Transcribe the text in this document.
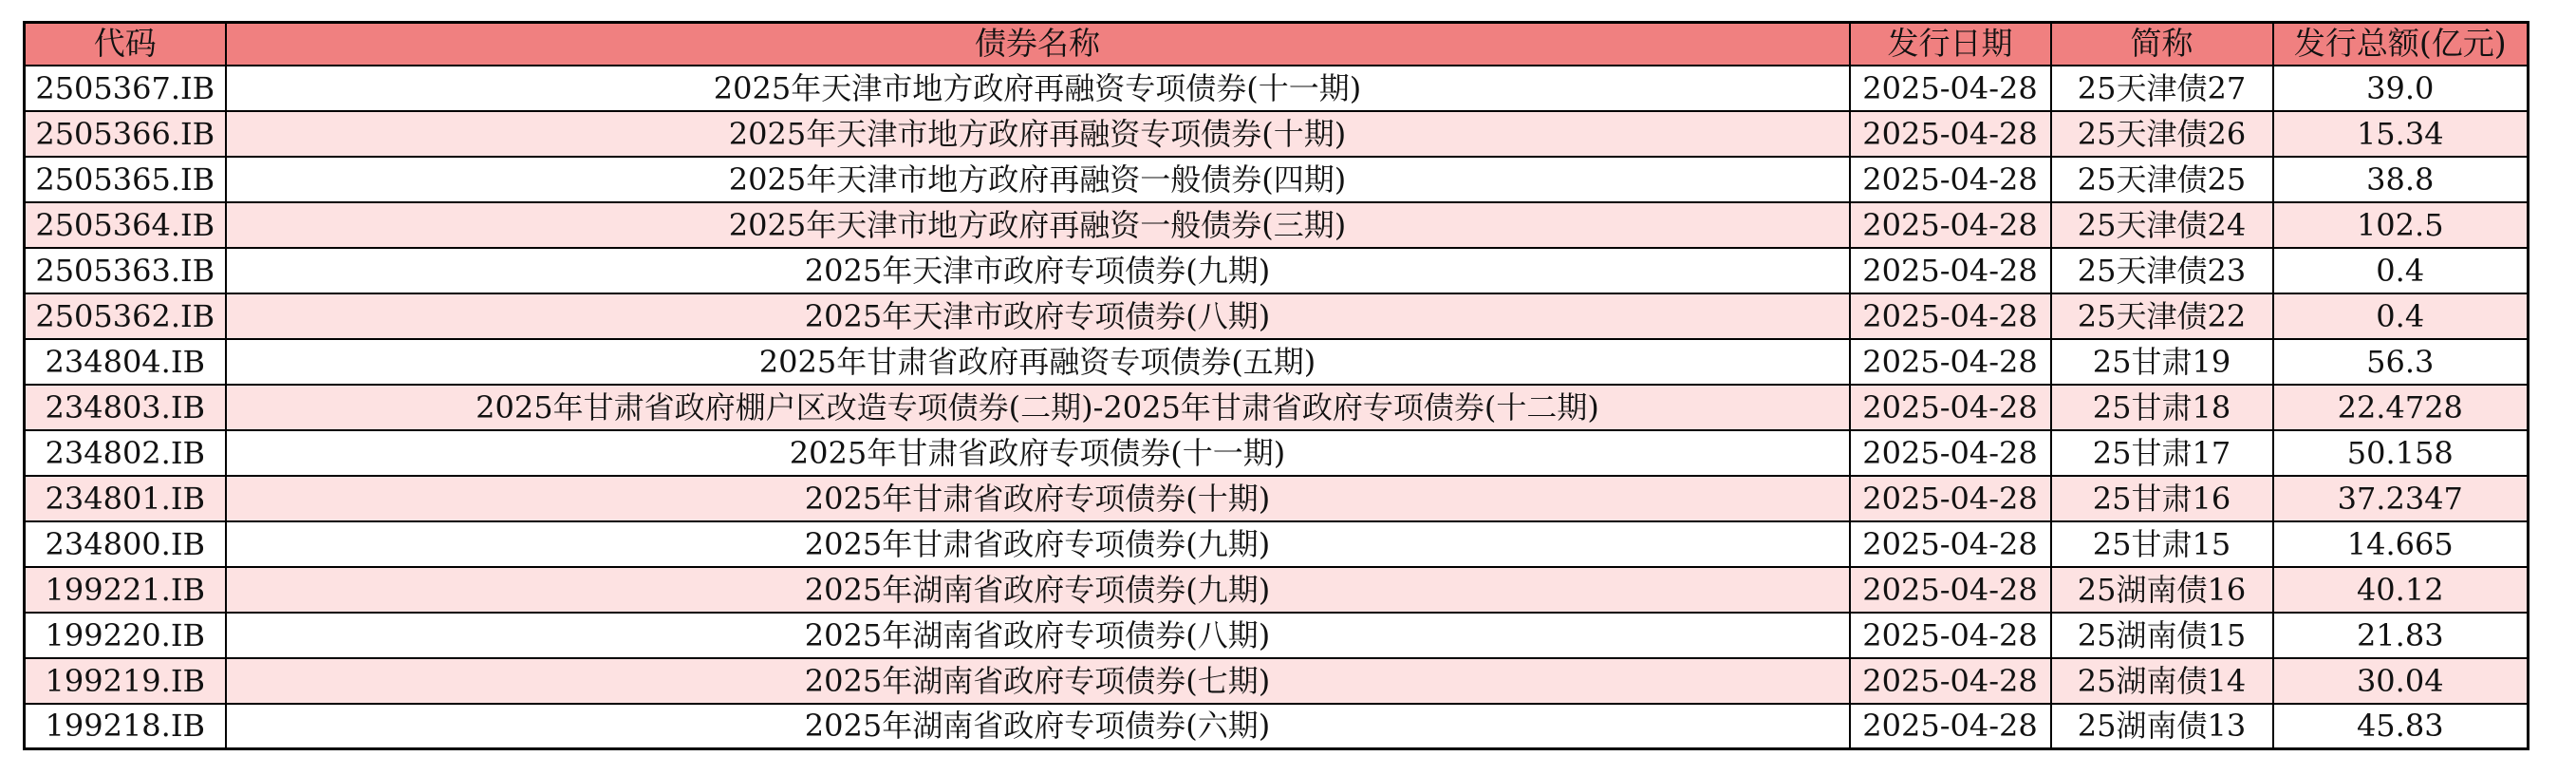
代码	债券名称	发行日期	简称	发行总额(亿元)
2505367.IB	2025年天津市地方政府再融资专项债券(十一期)	2025-04-28	25天津债27	39.0
2505366.IB	2025年天津市地方政府再融资专项债券(十期)	2025-04-28	25天津债26	15.34
2505365.IB	2025年天津市地方政府再融资一般债券(四期)	2025-04-28	25天津债25	38.8
2505364.IB	2025年天津市地方政府再融资一般债券(三期)	2025-04-28	25天津债24	102.5
2505363.IB	2025年天津市政府专项债券(九期)	2025-04-28	25天津债23	0.4
2505362.IB	2025年天津市政府专项债券(八期)	2025-04-28	25天津债22	0.4
234804.IB	2025年甘肃省政府再融资专项债券(五期)	2025-04-28	25甘肃19	56.3
234803.IB	2025年甘肃省政府棚户区改造专项债券(二期)-2025年甘肃省政府专项债券(十二期)	2025-04-28	25甘肃18	22.4728
234802.IB	2025年甘肃省政府专项债券(十一期)	2025-04-28	25甘肃17	50.158
234801.IB	2025年甘肃省政府专项债券(十期)	2025-04-28	25甘肃16	37.2347
234800.IB	2025年甘肃省政府专项债券(九期)	2025-04-28	25甘肃15	14.665
199221.IB	2025年湖南省政府专项债券(九期)	2025-04-28	25湖南债16	40.12
199220.IB	2025年湖南省政府专项债券(八期)	2025-04-28	25湖南债15	21.83
199219.IB	2025年湖南省政府专项债券(七期)	2025-04-28	25湖南债14	30.04
199218.IB	2025年湖南省政府专项债券(六期)	2025-04-28	25湖南债13	45.83
